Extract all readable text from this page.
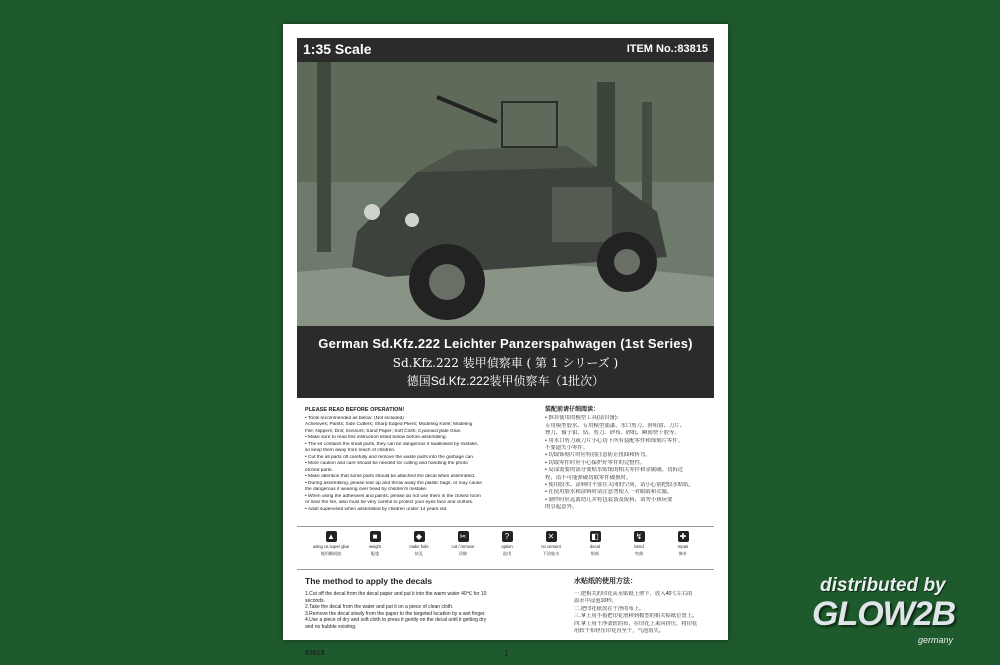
1:35 Scale	ITEM No.:83815
German Sd.Kfz.222 Leichter Panzerspahwagen (1st Series)
Sd.Kfz.222 装甲偵察車 ( 第 1 シリーズ )
德国Sd.Kfz.222装甲侦察车（1批次）
PLEASE READ BEFORE OPERATION!
• Tools recommended as below: (Not included)
Achesives; Paints; Side Cutters; Sharp Edged Pliers; Modeling Knife; Modeling
File; Nippers; Drill; Scissors; Sand Paper; Soft Cloth; Cyanoacrylate Glue.
• Make sure to read this instruction listed below before assembling.
• The kit contains the small parts, they can be dangerous if swallowed by mistake,
so keep them away from reach of children.
• Cut the all parts off carefully and remove the waste parts into the garbage can.
• More caution and care should be needed for cutting and handling the photo
etched parts.
• Make attention that some parts should be attached the decal when assembled.
• During assembling, please tear up and throw away the plastic bags, or may cause
the dangerous if wearing over head by children's mistake.
• When using the adhesives and paints, please do not use them in the closed room
or near the fire, also must be very careful to protect your eyes face and clothes.
• Adult supervised when assembled by children under 14 years old.
装配前请仔细阅读：
• 推荐使用的模型工具(请自备)：
专用模型胶水、专用模型油漆、水口剪刀、斜咀钳、刀片、
锉刀、镊子钳、钻、剪刀、砂布、砂纸、瞬间快干胶等。
• 用水口剪刀或刀片小心切下所有装配零件和饰刻片零件。
不要遗失小零件。
• 切取饰刻片时应特别注意防止扭曲和折弯。
• 切取零件时应小心保护好零件的完整性。
• 局部需要的部分要贴水贴纸的相关零件和金属刷。切拆过
程，请不可能弹破切取零件破损时。
• 使用胶水、涂料时不要在关闭的空间，请小心别把胶水贴纸，
• 在使用胶水和涂料时请注意勿使人一对眼睛和衣服。
• 制作时应远离幼儿并将包装袋及废料，请勿小孩玩要
的引起意外。
▲
using ca super glue
使用瞬间胶
■
weight
配重
◆
make hole
钻孔
✂
cut / remove
切除
?
option
选用
✕
no cement
不涂胶水
◧
decal
贴纸
↯
bend
弯曲
✚
repair
修补
The method to apply the decals	水贴纸的使用方法：
1.Cut off the decal from the decal paper and put it into the warm water 40℃ for 10
seconds.
2.Take the decal from the water and put it on a piece of clean cloth.
3.Remove the decal slowly from the paper to the targeted location by a wet finger.
4.Use a piece of dry and soft cloth to press it gently on the decal until it getting dry
and no bubble existing.
一.把相关的印花从水贴纸上剪下，放入40℃左右的
温水中浸泡10秒。
二.把印花纸放在干净的布上。
三.拿上用手指把印花滑移到模型的相关贴纸位置上。
四.拿上用干净柔软的布，在印花上来回挤压，将印花
用软干布轻压印花直至干，气泡消失。
83815	1
distributed by
GLOW2B
germany
